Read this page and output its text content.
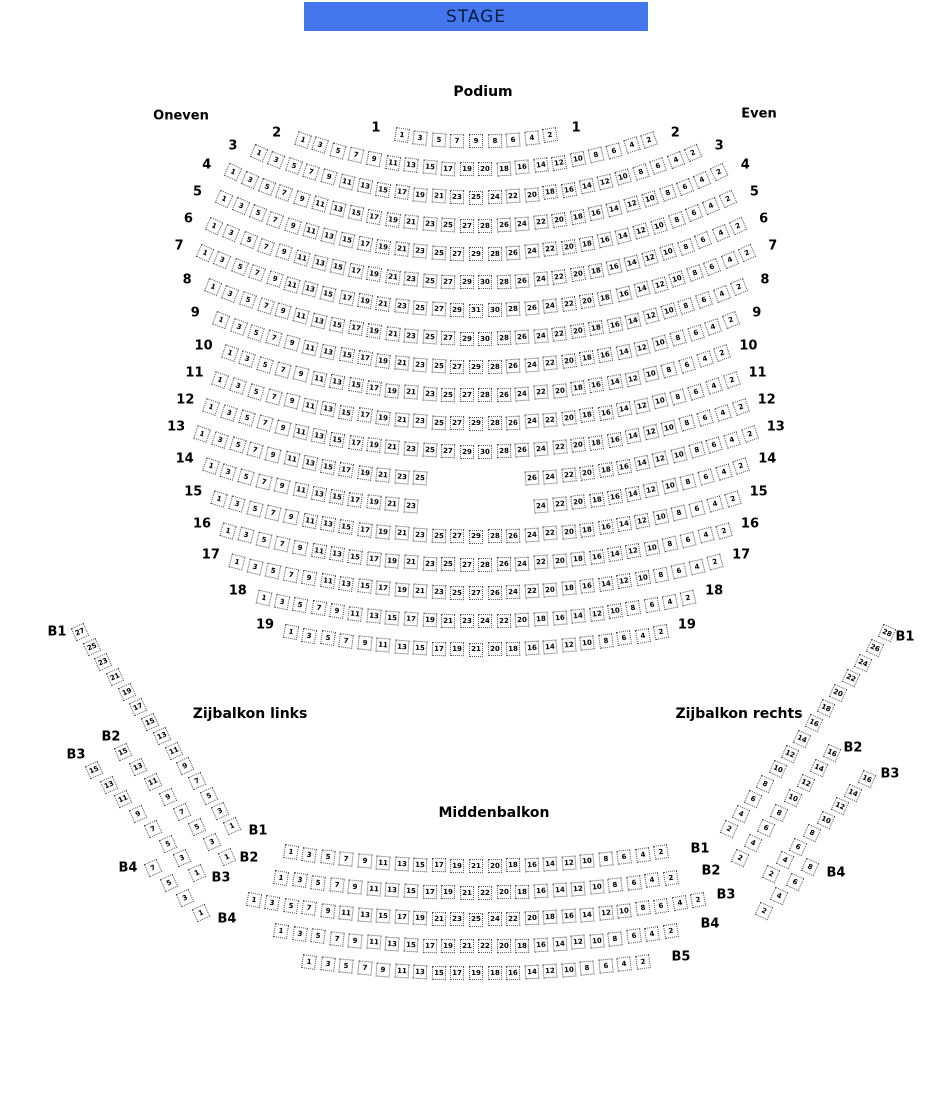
STAGE
Podium
Oneven	Even
Zijbalkon links	Zijbalkon rechts
Middenbalkon
1	3	5	7	9	8	6	4	2
1	1
1
3
5
7	9	11	13	15	17	19	20	18	16	14	12	10	8
6
4
2
2	2
1
3
5
7
9	11 13	15	17	19	21	23	25	24	22	20	18	16	14 12 10
8
6
4
2
3	3
1
3
5
7
9
11 13 15	17	19	21	23	25	27	28	26	24	22	20	18	16 14 12
10
8
6
4
2
4	4
1
3
5
7
9
11 13 15	17	19	21	23	25	27	29	28	26	24	22	20	18	16 14 12
10
8
6
4
2
5	5
1
3
5
7
9
11 13 15	17	19	21	23	25	27	29	30	28	26	24	22	20	18	16 14 12
10
8
6
4
2
6	6
1
3
5
7
9
11 13 15 17	19	21	23	25	27	29	31	30	28	26	24	22	20	18 16 14 12
10
8
6
4
2
7	7
1
3
5
7
9	11 13 15	17	19	21	23	25	27	29	30	28	26	24	22	20	18	16 14 12 10
8
6
4
2
8	8
1
3
5
7
9	11 13	15	17	19	21	23	25	27	29	28	26	24	22	20	18	16	14 12 10	8
6
4
2
9	9
1
3
5
7
9	11	13	15	17	19	21	23	25	27	28	26	24	22	20	18	16	14	12 10	8
6
4
2
10	10
1
3
5
7
9	11	13	15	17	19	21	23	25	27	29	28	26	24	22	20	18	16	14	12 10	8
6
4
2
11	11
1
3
5
7
9	11 13	15	17	19	21	23	25	27	29	30	28	26	24	22	20	18	16	14 12 10	8
6
4
2
12	12
1
3
5
7
9	11 13	15	17	19	21	23	25	26	24	22	20	18	16	14 12 10	8
6
4
2
13	13
1
3
5
7	9	11	13	15	17	19	21	23	24	22	20	18	16	14	12 10	8
6
4
2
14	14
1
3
5	7	9	11	13	15	17	19	21	23	25	27	29	28	26	24	22	20	18	16	14	12	10	8	6
4
2
15	15
1
3	5	7	9	11	13	15	17	19	21	23	25	27	28	26	24	22	20	18	16	14	12	10	8	6	4
2
16	16
1
3	5	7	9	11	13	15	17	19	21	23	25	27	26	24	22	20	18	16	14	12	10	8	6	4
2
17	17
1	3	5	7	9	11	13	15	17	19	21	23	24	22	20	18	16	14	12	10	8	6	4	2
18	18
1	3	5	7	9	11	13	15	17	19	21	20	18	16	14	12	10	8	6	4	2
19	19
1	3	5	7	9	11	13	15	17	19	21	20	18	16	14	12	10	8	6	4	2
1	3	5	7	9	11	13	15	17	19	21	22	20	18	16	14	12	10	8	6	4	2
1	3	5	7	9	11	13	15	17	19	21	23	25	24	22	20	18	16	14	12	10	8	6	4	2
1	3	5	7	9	11	13	15	17	19	21	22	20	18	16	14	12	10	8	6	4	2
1	3	5	7	9	11	13	15	17	19	18	16	14	12	10	8	6	4	2	B5
27
25
23
21
19
17
15
13
11
9
7
5
3
1
B1
B1
15
13
11
9
7
5
3
1
B2
B2
15
13
11
9
7
5
3
1
B3
B3
7
5
3
1
B4
B4
28
26
24
22
20
18
16
14
12
10
8
6
4
2
B1
B1
16
14
12
10
8
6
4
2
B2
B2
16
14
12
10
8
6
4
2
B3
B3
8
6
4
2
B4
B4
